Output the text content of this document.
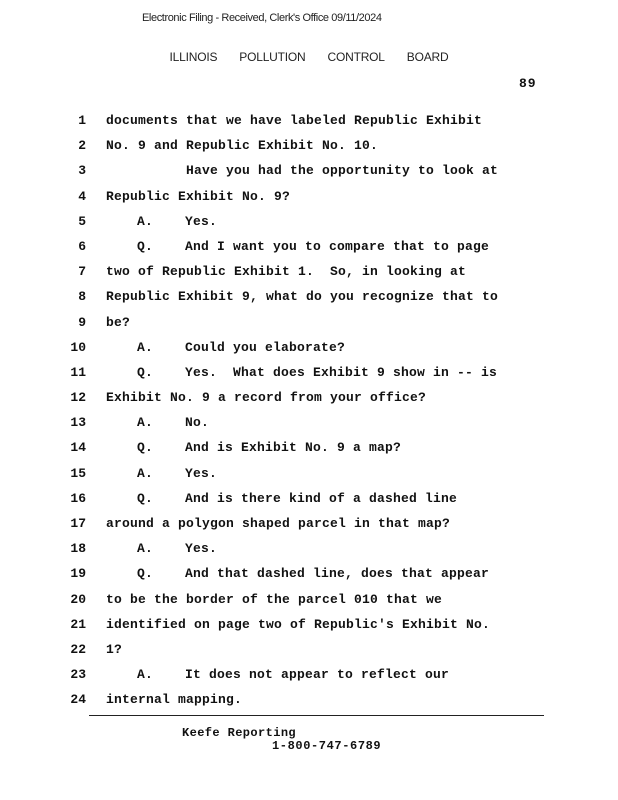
Electronic Filing - Received, Clerk's Office 09/11/2024
ILLINOIS POLLUTION CONTROL BOARD
89
1 documents that we have labeled Republic Exhibit
2 No. 9 and Republic Exhibit No. 10.
3	Have you had the opportunity to look at
4 Republic Exhibit No. 9?
5	A.    Yes.
6	Q.    And I want you to compare that to page
7 two of Republic Exhibit 1.  So, in looking at
8 Republic Exhibit 9, what do you recognize that to
9 be?
10	A.    Could you elaborate?
11	Q.    Yes.  What does Exhibit 9 show in -- is
12 Exhibit No. 9 a record from your office?
13	A.    No.
14	Q.    And is Exhibit No. 9 a map?
15	A.    Yes.
16	Q.    And is there kind of a dashed line
17 around a polygon shaped parcel in that map?
18	A.    Yes.
19	Q.    And that dashed line, does that appear
20 to be the border of the parcel 010 that we
21 identified on page two of Republic's Exhibit No.
22 1?
23	A.    It does not appear to reflect our
24 internal mapping.
Keefe Reporting
1-800-747-6789
